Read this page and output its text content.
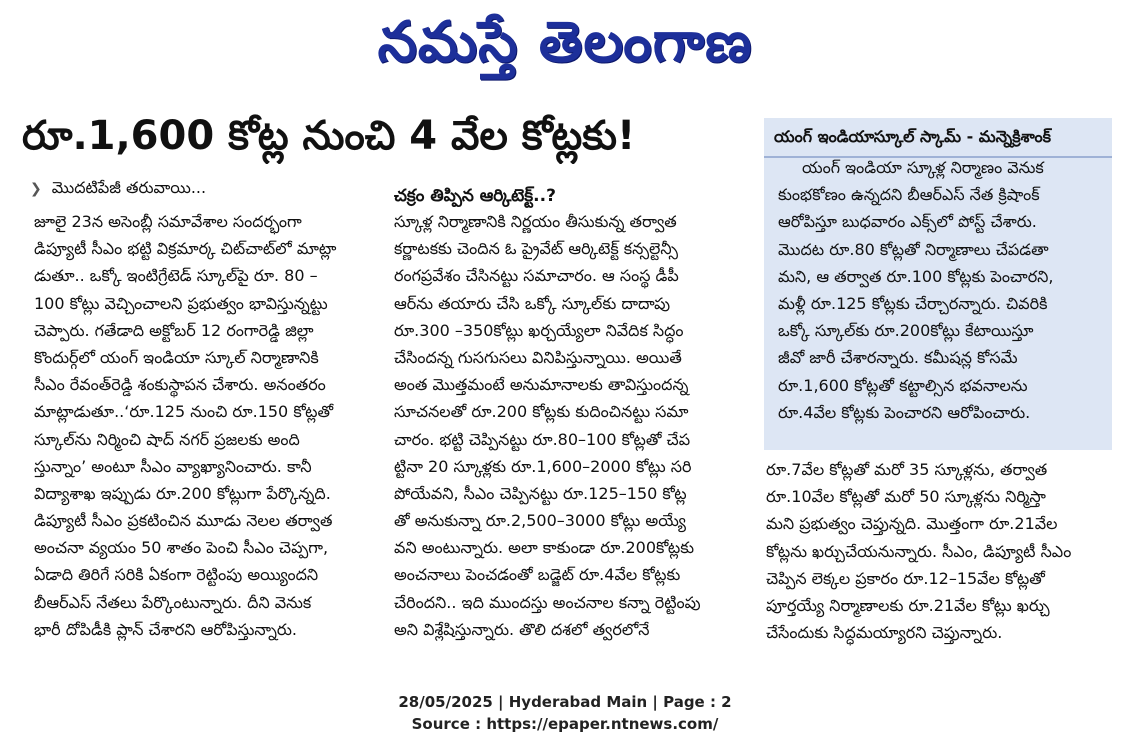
నమస్తే తెలంగాణ
రూ.1,600 కోట్ల నుంచి 4 వేల కోట్లకు!
❯ మొదటిపేజీ తరువాయి...
జూలై 23న అసెంబ్లీ సమావేశాల సందర్భంగా
డిప్యూటీ సీఎం భట్టి విక్రమార్క చిట్‌చాట్‌లో మాట్లా
డుతూ.. ఒక్కో ఇంటిగ్రేటెడ్ స్కూల్‌పై రూ. 80 –
100 కోట్లు వెచ్చించాలని ప్రభుత్వం భావిస్తున్నట్టు
చెప్పారు. గతేడాది అక్టోబర్ 12 రంగారెడ్డి జిల్లా
కొందుర్గ్‌లో యంగ్ ఇండియా స్కూల్ నిర్మాణానికి
సీఎం రేవంత్‌రెడ్డి శంకుస్థాపన చేశారు. అనంతరం
మాట్లాడుతూ..‘రూ.125 నుంచి రూ.150 కోట్లతో
స్కూల్‌ను నిర్మించి షాద్ నగర్ ప్రజలకు అంది
స్తున్నాం’ అంటూ సీఎం వ్యాఖ్యానించారు. కానీ
విద్యాశాఖ ఇప్పుడు రూ.200 కోట్లుగా పేర్కొన్నది.
డిప్యూటీ సీఎం ప్రకటించిన మూడు నెలల తర్వాత
అంచనా వ్యయం 50 శాతం పెంచి సీఎం చెప్పగా,
ఏడాది తిరిగే సరికి ఏకంగా రెట్టింపు అయ్యిందని
బీఆర్ఎస్ నేతలు పేర్కొంటున్నారు. దీని వెనుక
భారీ దోపిడీకి ప్లాన్ చేశారని ఆరోపిస్తున్నారు.
చక్రం తిప్పిన ఆర్కిటెక్ట్..?
స్కూళ్ల నిర్మాణానికి నిర్ణయం తీసుకున్న తర్వాత
కర్ణాటకకు చెందిన ఓ ప్రైవేట్ ఆర్కిటెక్ట్ కన్సల్టెన్సీ
రంగప్రవేశం చేసినట్టు సమాచారం. ఆ సంస్థ డీపీ
ఆర్‌ను తయారు చేసి ఒక్కో స్కూల్‌కు దాదాపు
రూ.300 –350కోట్లు ఖర్చయ్యేలా నివేదిక సిద్ధం
చేసిందన్న గుసగుసలు వినిపిస్తున్నాయి. అయితే
అంత మొత్తమంటే అనుమానాలకు తావిస్తుందన్న
సూచనలతో రూ.200 కోట్లకు కుదించినట్టు సమా
చారం. భట్టి చెప్పినట్టు రూ.80–100 కోట్లతో చేప
ట్టినా 20 స్కూళ్లకు రూ.1,600–2000 కోట్లు సరి
పోయేవని, సీఎం చెప్పినట్టు రూ.125–150 కోట్ల
తో అనుకున్నా రూ.2,500–3000 కోట్లు అయ్యే
వని అంటున్నారు. అలా కాకుండా రూ.200కోట్లకు
అంచనాలు పెంచడంతో బడ్జెట్ రూ.4వేల కోట్లకు
చేరిందని.. ఇది ముందస్తు అంచనాల కన్నా రెట్టింపు
అని విశ్లేషిస్తున్నారు. తొలి దశలో త్వరలోనే
యంగ్ ఇండియాస్కూల్ స్కామ్ - మన్నెక్రిశాంక్
యంగ్ ఇండియా స్కూళ్ల నిర్మాణం వెనుక
కుంభకోణం ఉన్నదని బీఆర్ఎస్ నేత క్రిషాంక్
ఆరోపిస్తూ బుధవారం ఎక్స్‌లో పోస్ట్ చేశారు.
మొదట రూ.80 కోట్లతో నిర్మాణాలు చేపడతా
మని, ఆ తర్వాత రూ.100 కోట్లకు పెంచారని,
మళ్లీ రూ.125 కోట్లకు చేర్చారన్నారు. చివరికి
ఒక్కో స్కూల్‌కు రూ.200కోట్లు కేటాయిస్తూ
జీవో జారీ చేశారన్నారు. కమీషన్ల కోసమే
రూ.1,600 కోట్లతో కట్టాల్సిన భవనాలను
రూ.4వేల కోట్లకు పెంచారని ఆరోపించారు.
రూ.7వేల కోట్లతో మరో 35 స్కూళ్లను, తర్వాత
రూ.10వేల కోట్లతో మరో 50 స్కూళ్లను నిర్మిస్తా
మని ప్రభుత్వం చెప్తున్నది. మొత్తంగా రూ.21వేల
కోట్లను ఖర్చుచేయనున్నారు. సీఎం, డిప్యూటీ సీఎం
చెప్పిన లెక్కల ప్రకారం రూ.12–15వేల కోట్లతో
పూర్తయ్యే నిర్మాణాలకు రూ.21వేల కోట్లు ఖర్చు
చేసేందుకు సిద్ధమయ్యారని చెప్తున్నారు.
28/05/2025 | Hyderabad Main | Page : 2
Source : https://epaper.ntnews.com/
